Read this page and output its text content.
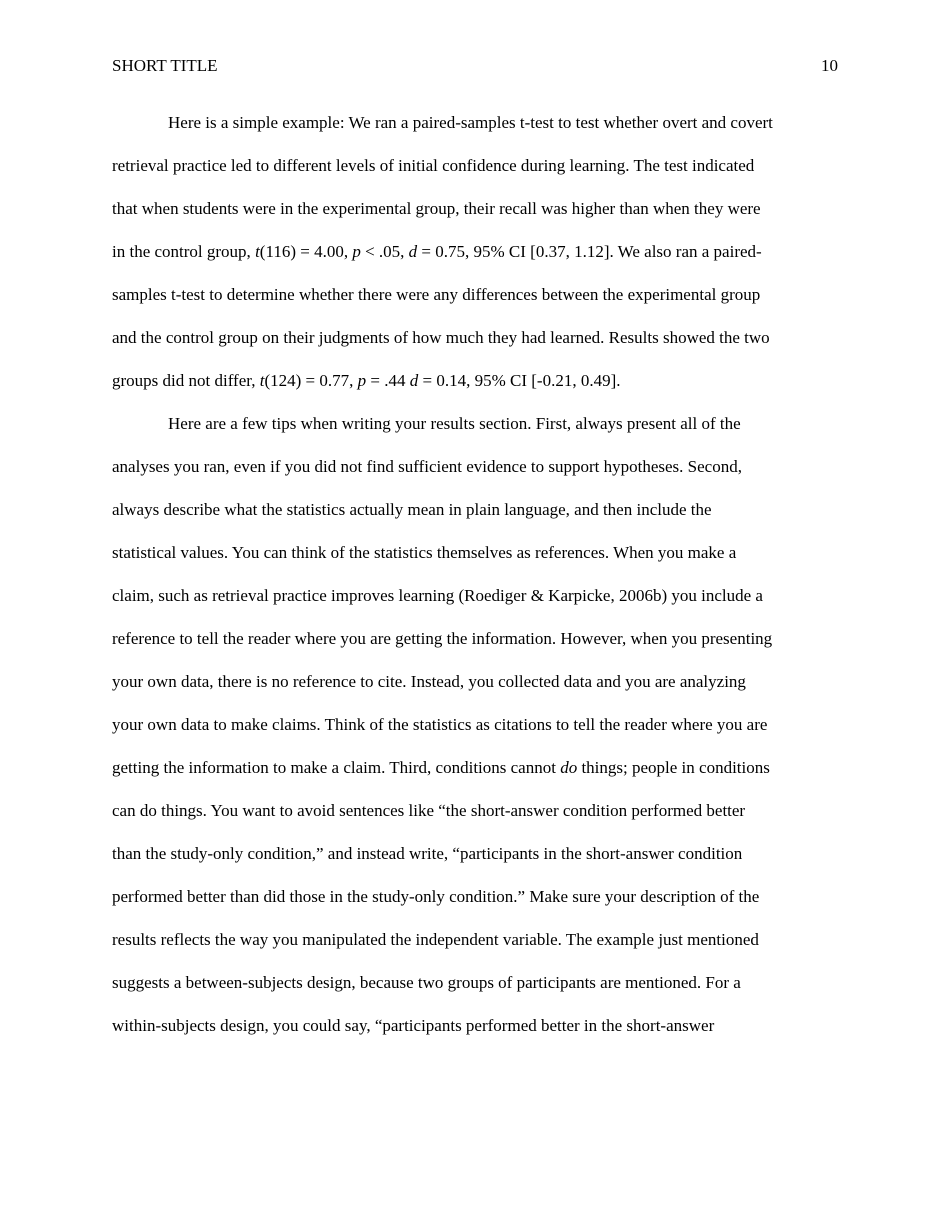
SHORT TITLE	10

Here is a simple example: We ran a paired-samples t-test to test whether overt and covert
retrieval practice led to different levels of initial confidence during learning. The test indicated
that when students were in the experimental group, their recall was higher than when they were
in the control group, t(116) = 4.00, p < .05, d = 0.75, 95% CI [0.37, 1.12]. We also ran a paired-
samples t-test to determine whether there were any differences between the experimental group
and the control group on their judgments of how much they had learned. Results showed the two
groups did not differ, t(124) = 0.77, p = .44 d = 0.14, 95% CI [-0.21, 0.49].

Here are a few tips when writing your results section. First, always present all of the
analyses you ran, even if you did not find sufficient evidence to support hypotheses. Second,
always describe what the statistics actually mean in plain language, and then include the
statistical values. You can think of the statistics themselves as references. When you make a
claim, such as retrieval practice improves learning (Roediger & Karpicke, 2006b) you include a
reference to tell the reader where you are getting the information. However, when you presenting
your own data, there is no reference to cite. Instead, you collected data and you are analyzing
your own data to make claims. Think of the statistics as citations to tell the reader where you are
getting the information to make a claim. Third, conditions cannot do things; people in conditions
can do things. You want to avoid sentences like “the short-answer condition performed better
than the study-only condition,” and instead write, “participants in the short-answer condition
performed better than did those in the study-only condition.” Make sure your description of the
results reflects the way you manipulated the independent variable. The example just mentioned
suggests a between-subjects design, because two groups of participants are mentioned. For a
within-subjects design, you could say, “participants performed better in the short-answer
